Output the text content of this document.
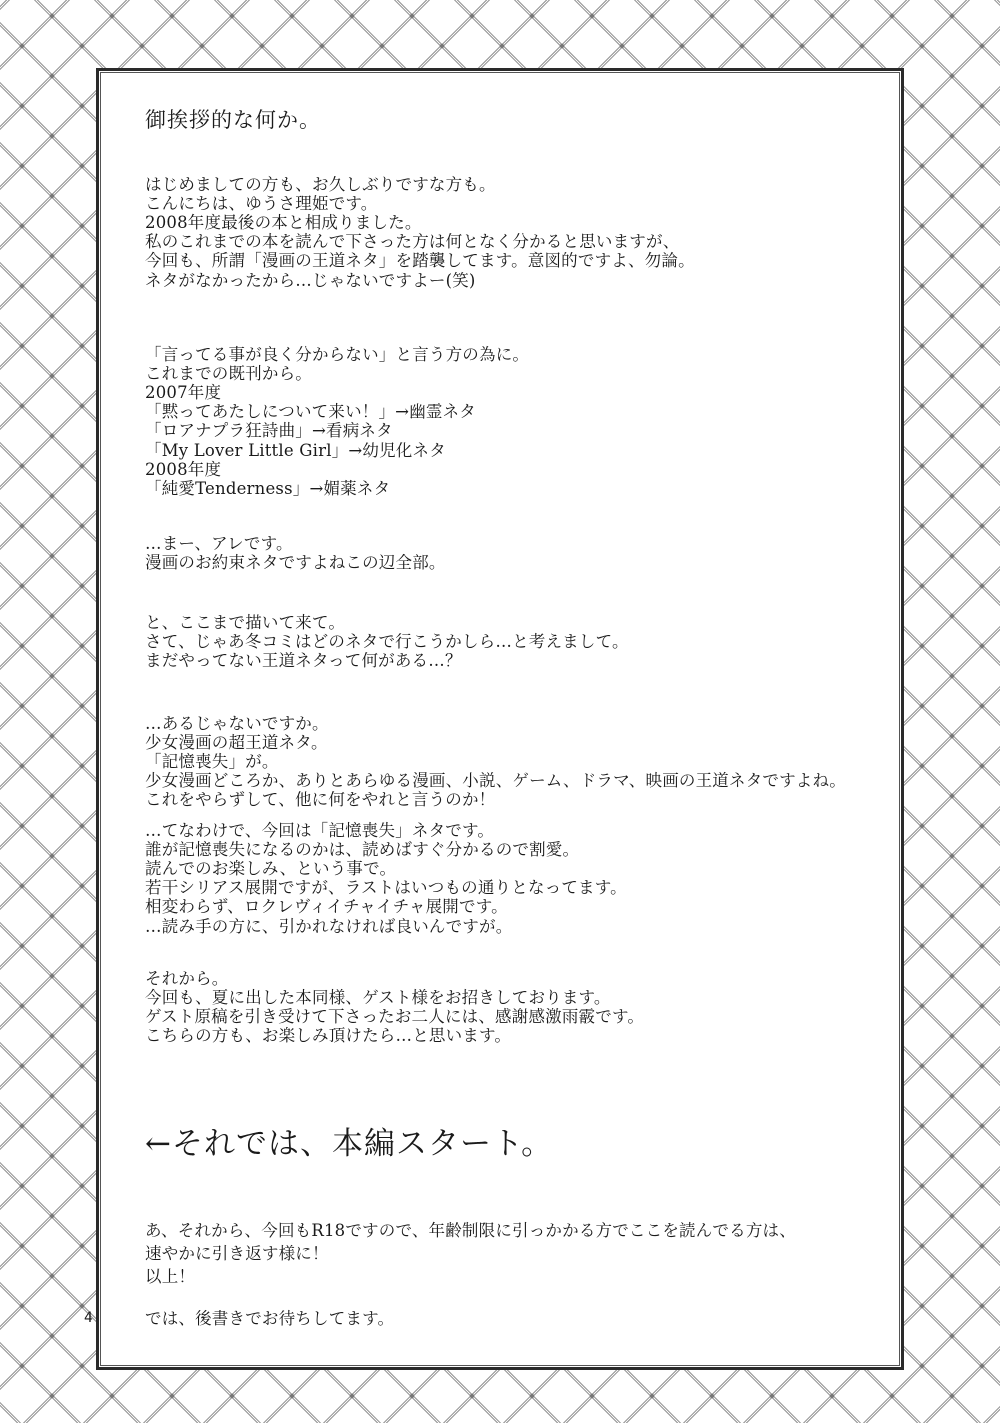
御挨拶的な何か。
はじめましての方も、お久しぶりですな方も。
こんにちは、ゆうさ理姫です。
2008年度最後の本と相成りました。
私のこれまでの本を読んで下さった方は何となく分かると思いますが、
今回も、所謂「漫画の王道ネタ」を踏襲してます。意図的ですよ、勿論。
ネタがなかったから…じゃないですよー(笑)
「言ってる事が良く分からない」と言う方の為に。
これまでの既刊から。
2007年度
「黙ってあたしについて来い！」→幽霊ネタ
「ロアナプラ狂詩曲」→看病ネタ
「My Lover Little Girl」→幼児化ネタ
2008年度
「純愛Tenderness」→媚薬ネタ
…まー、アレです。
漫画のお約束ネタですよねこの辺全部。
と、ここまで描いて来て。
さて、じゃあ冬コミはどのネタで行こうかしら…と考えまして。
まだやってない王道ネタって何がある…？
…あるじゃないですか。
少女漫画の超王道ネタ。
「記憶喪失」が。
少女漫画どころか、ありとあらゆる漫画、小説、ゲーム、ドラマ、映画の王道ネタですよね。
これをやらずして、他に何をやれと言うのか！
…てなわけで、今回は「記憶喪失」ネタです。
誰が記憶喪失になるのかは、読めばすぐ分かるので割愛。
読んでのお楽しみ、という事で。
若干シリアス展開ですが、ラストはいつもの通りとなってます。
相変わらず、ロクレヴィイチャイチャ展開です。
…読み手の方に、引かれなければ良いんですが。
それから。
今回も、夏に出した本同様、ゲスト様をお招きしております。
ゲスト原稿を引き受けて下さったお二人には、感謝感激雨霰です。
こちらの方も、お楽しみ頂けたら…と思います。
←それでは、本編スタート。
あ、それから、今回もR18ですので、年齢制限に引っかかる方でここを読んでる方は、
速やかに引き返す様に！
以上！
では、後書きでお待ちしてます。
4
